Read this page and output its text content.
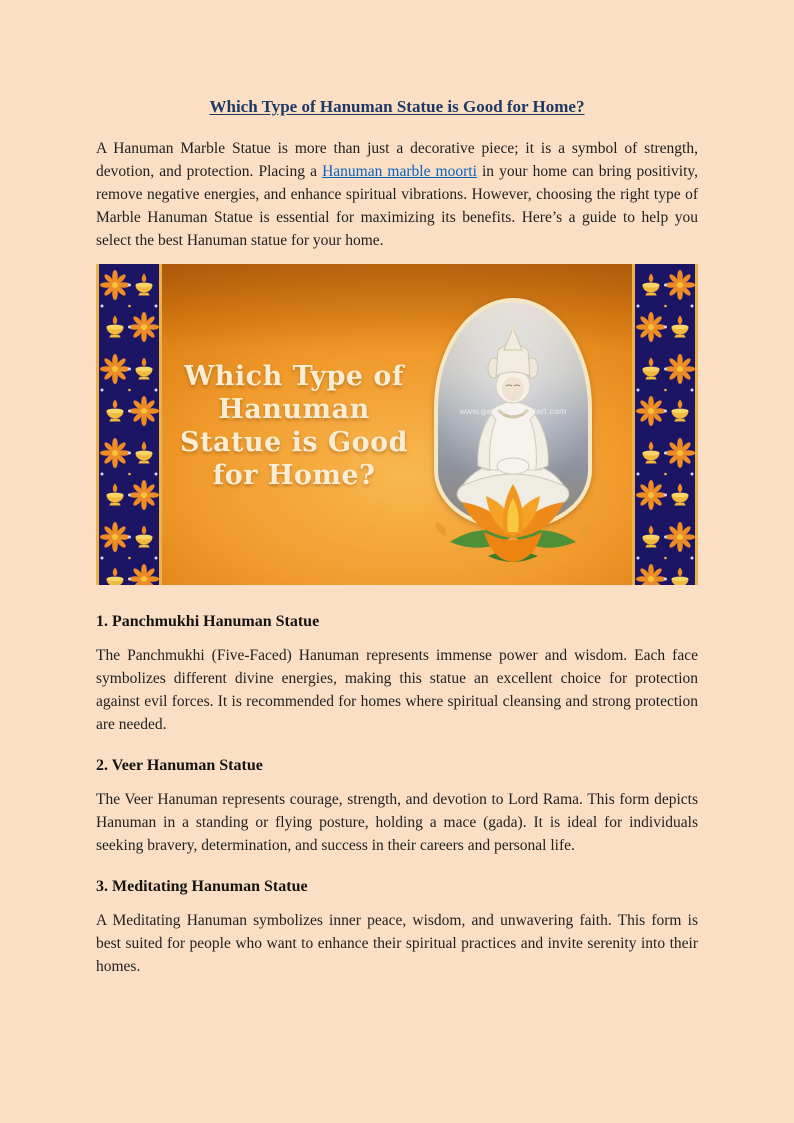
Which Type of Hanuman Statue is Good for Home?

A Hanuman Marble Statue is more than just a decorative piece; it is a symbol of strength, devotion, and protection. Placing a Hanuman marble moorti in your home can bring positivity, remove negative energies, and enhance spiritual vibrations. However, choosing the right type of Marble Hanuman Statue is essential for maximizing its benefits. Here’s a guide to help you select the best Hanuman statue for your home.

Which Type of
Hanuman
Statue is Good
for Home?
www.ganeshmoortiart.com
1. Panchmukhi Hanuman Statue

The Panchmukhi (Five-Faced) Hanuman represents immense power and wisdom. Each face symbolizes different divine energies, making this statue an excellent choice for protection against evil forces. It is recommended for homes where spiritual cleansing and strong protection are needed.

2. Veer Hanuman Statue

The Veer Hanuman represents courage, strength, and devotion to Lord Rama. This form depicts Hanuman in a standing or flying posture, holding a mace (gada). It is ideal for individuals seeking bravery, determination, and success in their careers and personal life.

3. Meditating Hanuman Statue

A Meditating Hanuman symbolizes inner peace, wisdom, and unwavering faith. This form is best suited for people who want to enhance their spiritual practices and invite serenity into their homes.
